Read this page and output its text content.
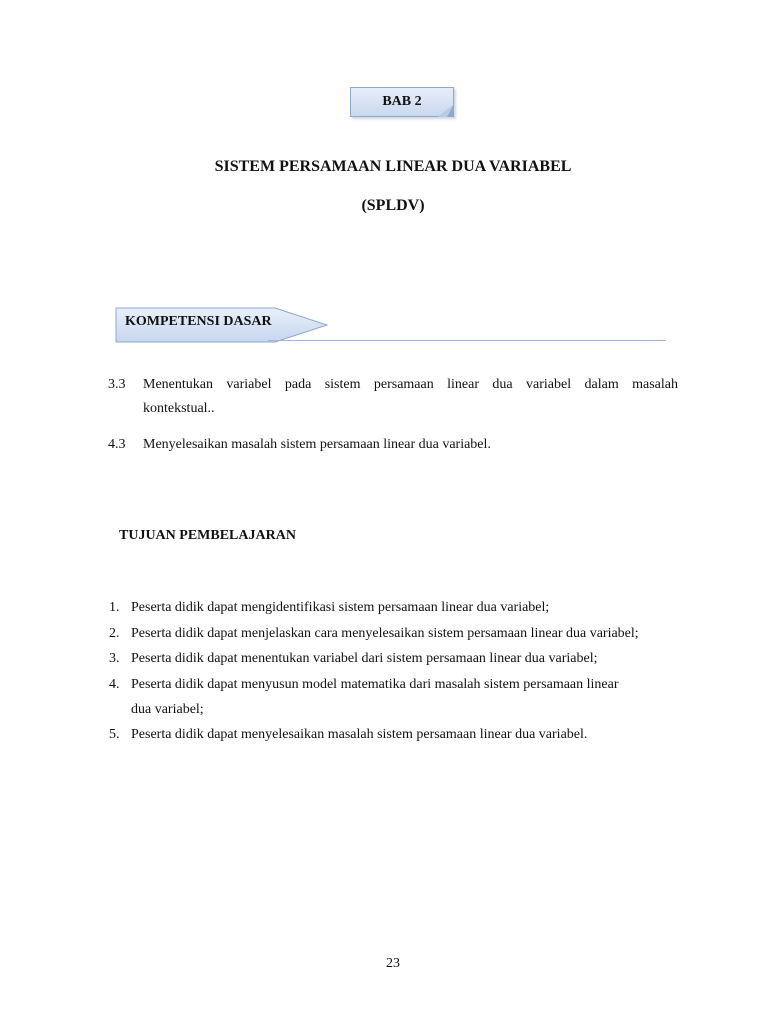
BAB 2
SISTEM PERSAMAAN LINEAR DUA VARIABEL
(SPLDV)
KOMPETENSI DASAR
3.3 Menentukan variabel pada sistem persamaan linear dua variabel dalam masalah
kontekstual..
4.3 Menyelesaikan masalah sistem persamaan linear dua variabel.
TUJUAN PEMBELAJARAN
1. Peserta didik dapat mengidentifikasi sistem persamaan linear dua variabel;
2. Peserta didik dapat menjelaskan cara menyelesaikan sistem persamaan linear dua variabel;
3. Peserta didik dapat menentukan variabel dari sistem persamaan linear dua variabel;
4. Peserta didik dapat menyusun model matematika dari masalah sistem persamaan linear
dua variabel;
5. Peserta didik dapat menyelesaikan masalah sistem persamaan linear dua variabel.
23
